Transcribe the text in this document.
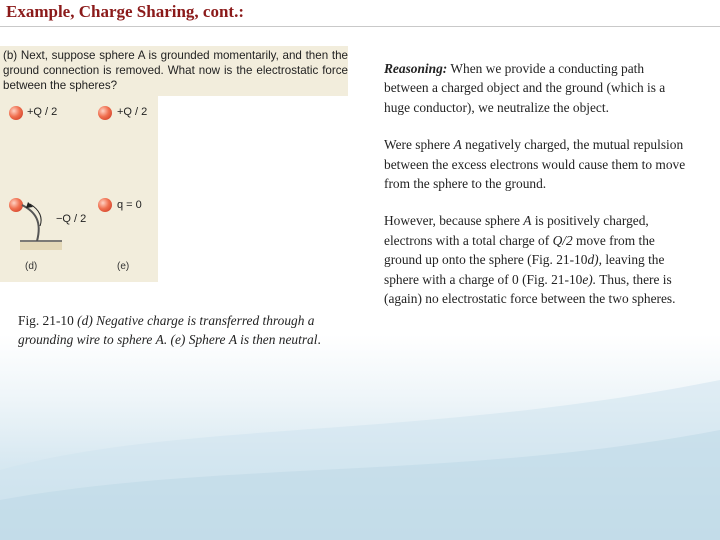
Example, Charge Sharing, cont.:
(b) Next, suppose sphere A is grounded momentarily, and then the ground connection is removed. What now is the electrostatic force between the spheres?
+Q / 2	+Q / 2
−Q / 2
q = 0
(d)	(e)
Fig. 21-10 (d) Negative charge is transferred through a grounding wire to sphere A. (e) Sphere A is then neutral.

Reasoning: When we provide a conducting path between a charged object and the ground (which is a huge conductor), we neutralize the object.

Were sphere A negatively charged, the mutual repulsion between the excess electrons would cause them to move from the sphere to the ground.

However, because sphere A is positively charged, electrons with a total charge of Q/2 move from the ground up onto the sphere (Fig. 21-10d), leaving the sphere with a charge of 0 (Fig. 21-10e). Thus, there is (again) no electrostatic force between the two spheres.
